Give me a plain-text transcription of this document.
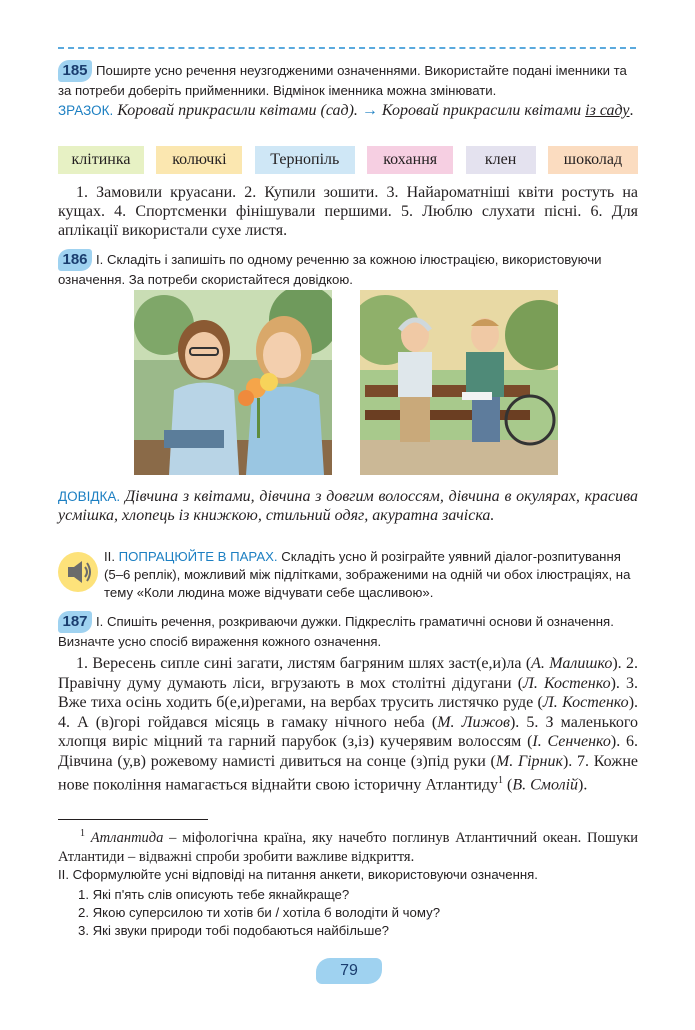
185 Поширте усно речення неузгодженими означеннями. Використайте подані іменники та за потреби доберіть прийменники. Відмінок іменника можна змінювати.
ЗРАЗОК. Коровай прикрасили квітами (сад). → Коровай прикрасили квітами із саду.
клітинка	колючкі	Тернопіль	кохання	клен	шоколад
1. Замовили круасани. 2. Купили зошити. 3. Найароматніші квіти ростуть на кущах. 4. Спортсменки фінішували першими. 5. Люблю слухати пісні. 6. Для аплікації використали сухе листя.
186 I. Складіть і запишіть по одному реченню за кожною ілюстрацією, використовуючи означення. За потреби скористайтеся довідкою.
ДОВІДКА. Дівчина з квітами, дівчина з довгим волоссям, дівчина в окулярах, красива усмішка, хлопець із книжкою, стильний одяг, акуратна зачіска.
II. ПОПРАЦЮЙТЕ В ПАРАХ. Складіть усно й розіграйте уявний діалог-розпитування (5–6 реплік), можливий між підлітками, зображеними на одній чи обох ілюстраціях, на тему «Коли людина може відчувати себе щасливою».
187 I. Спишіть речення, розкриваючи дужки. Підкресліть граматичні основи й означення. Визначте усно спосіб вираження кожного означення.
1. Вересень сипле сині загати, листям багряним шлях заст(е,и)ла (А. Малишко). 2. Правічну думу думають ліси, вгрузають в мох столітні дідугани (Л. Костенко). 3. Вже тиха осінь ходить б(е,и)регами, на вербах трусить листячко руде (Л. Костенко). 4. А (в)горі гойдався місяць в гамаку нічного неба (М. Лижов). 5. З маленького хлопця виріс міцний та гарний парубок (з,із) кучерявим волоссям (І. Сенченко). 6. Дівчина (у,в) рожевому намисті дивиться на сонце (з)під руки (М. Гірник). 7. Кожне нове покоління намагається віднайти свою історичну Атлантиду$^1$ (В. Смолій).
$^1$ Атлантида – міфологічна країна, яку начебто поглинув Атлантичний океан. Пошуки Атлантиди – відважні спроби зробити важливе відкриття.
II. Сформулюйте усні відповіді на питання анкети, використовуючи означення.
1. Які п'ять слів описують тебе якнайкраще?
2. Якою суперсилою ти хотів би / хотіла б володіти й чому?
3. Які звуки природи тобі подобаються найбільше?
79
